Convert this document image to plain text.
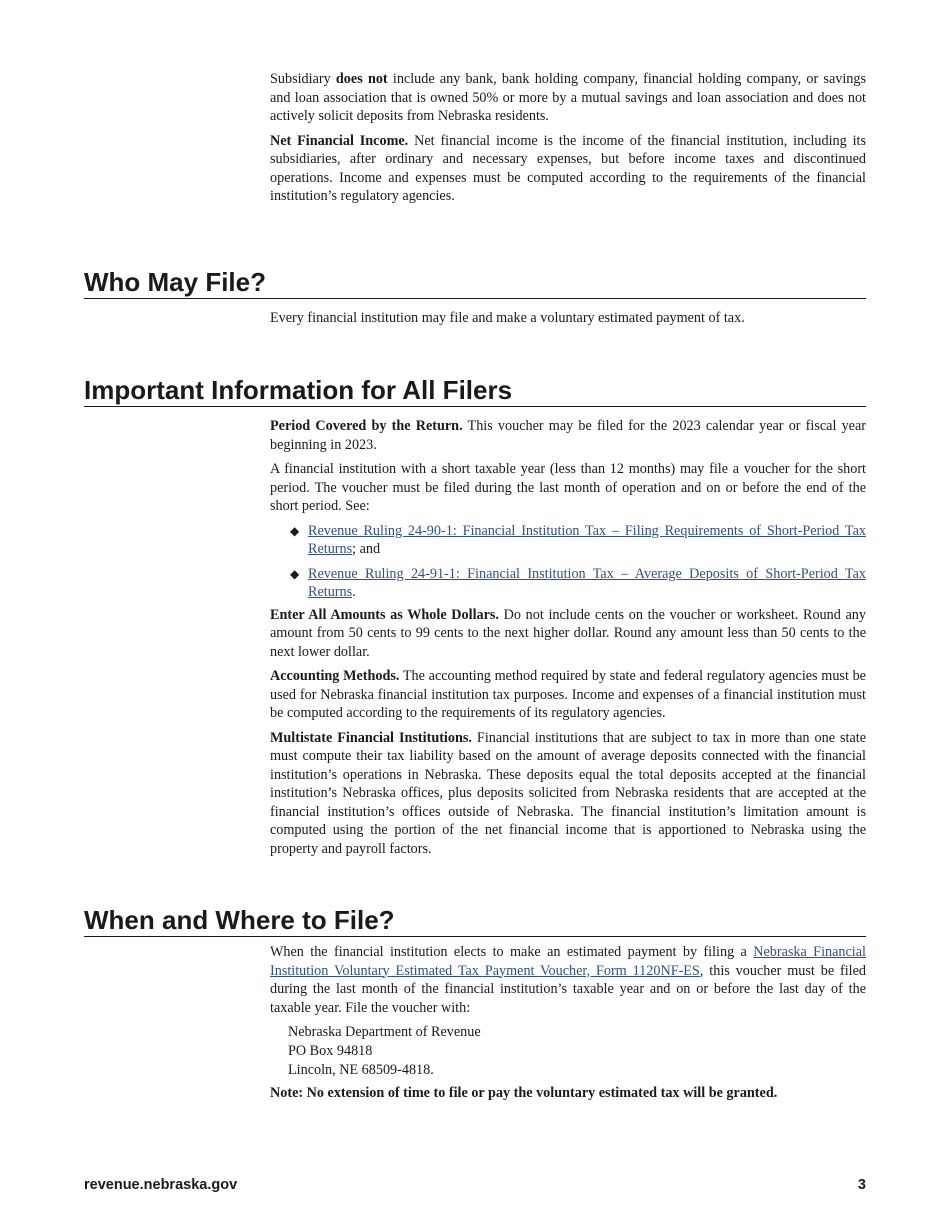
Subsidiary does not include any bank, bank holding company, financial holding company, or savings and loan association that is owned 50% or more by a mutual savings and loan association and does not actively solicit deposits from Nebraska residents.

Net Financial Income. Net financial income is the income of the financial institution, including its subsidiaries, after ordinary and necessary expenses, but before income taxes and discontinued operations. Income and expenses must be computed according to the requirements of the financial institution’s regulatory agencies.

Who May File?

Every financial institution may file and make a voluntary estimated payment of tax.

Important Information for All Filers

Period Covered by the Return. This voucher may be filed for the 2023 calendar year or fiscal year beginning in 2023.

A financial institution with a short taxable year (less than 12 months) may file a voucher for the short period. The voucher must be filed during the last month of operation and on or before the end of the short period. See:

◆ Revenue Ruling 24-90-1: Financial Institution Tax – Filing Requirements of Short-Period Tax Returns; and
◆ Revenue Ruling 24-91-1: Financial Institution Tax – Average Deposits of Short-Period Tax Returns.

Enter All Amounts as Whole Dollars. Do not include cents on the voucher or worksheet. Round any amount from 50 cents to 99 cents to the next higher dollar. Round any amount less than 50 cents to the next lower dollar.

Accounting Methods. The accounting method required by state and federal regulatory agencies must be used for Nebraska financial institution tax purposes. Income and expenses of a financial institution must be computed according to the requirements of its regulatory agencies.

Multistate Financial Institutions. Financial institutions that are subject to tax in more than one state must compute their tax liability based on the amount of average deposits connected with the financial institution’s operations in Nebraska. These deposits equal the total deposits accepted at the financial institution’s Nebraska offices, plus deposits solicited from Nebraska residents that are accepted at the financial institution’s offices outside of Nebraska. The financial institution’s limitation amount is computed using the portion of the net financial income that is apportioned to Nebraska using the property and payroll factors.

When and Where to File?

When the financial institution elects to make an estimated payment by filing a Nebraska Financial Institution Voluntary Estimated Tax Payment Voucher, Form 1120NF-ES, this voucher must be filed during the last month of the financial institution’s taxable year and on or before the last day of the taxable year. File the voucher with:

Nebraska Department of Revenue
PO Box 94818
Lincoln, NE 68509-4818.

Note: No extension of time to file or pay the voluntary estimated tax will be granted.

revenue.nebraska.gov	3
